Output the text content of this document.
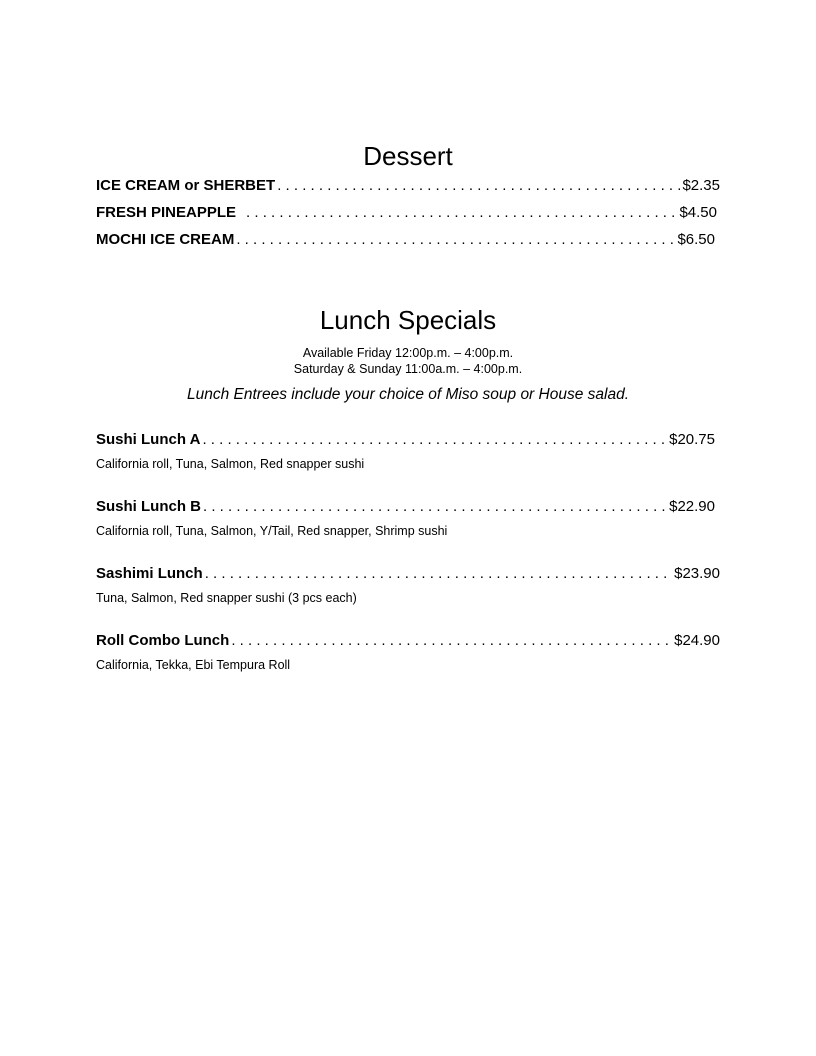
Dessert
ICE CREAM or SHERBET . . .	$2.35
FRESH PINEAPPLE . . .	$4.50
MOCHI ICE CREAM . . .	$6.50
Lunch Specials
Available Friday 12:00p.m. – 4:00p.m.
Saturday & Sunday 11:00a.m. – 4:00p.m.
Lunch Entrees include your choice of Miso soup or House salad.
Sushi Lunch A . . .	$20.75
California roll, Tuna, Salmon, Red snapper sushi
Sushi Lunch B . . .	$22.90
California roll, Tuna, Salmon, Y/Tail, Red snapper, Shrimp sushi
Sashimi Lunch . . .	$23.90
Tuna, Salmon, Red snapper sushi (3 pcs each)
Roll Combo Lunch . . .	$24.90
California, Tekka, Ebi Tempura Roll
